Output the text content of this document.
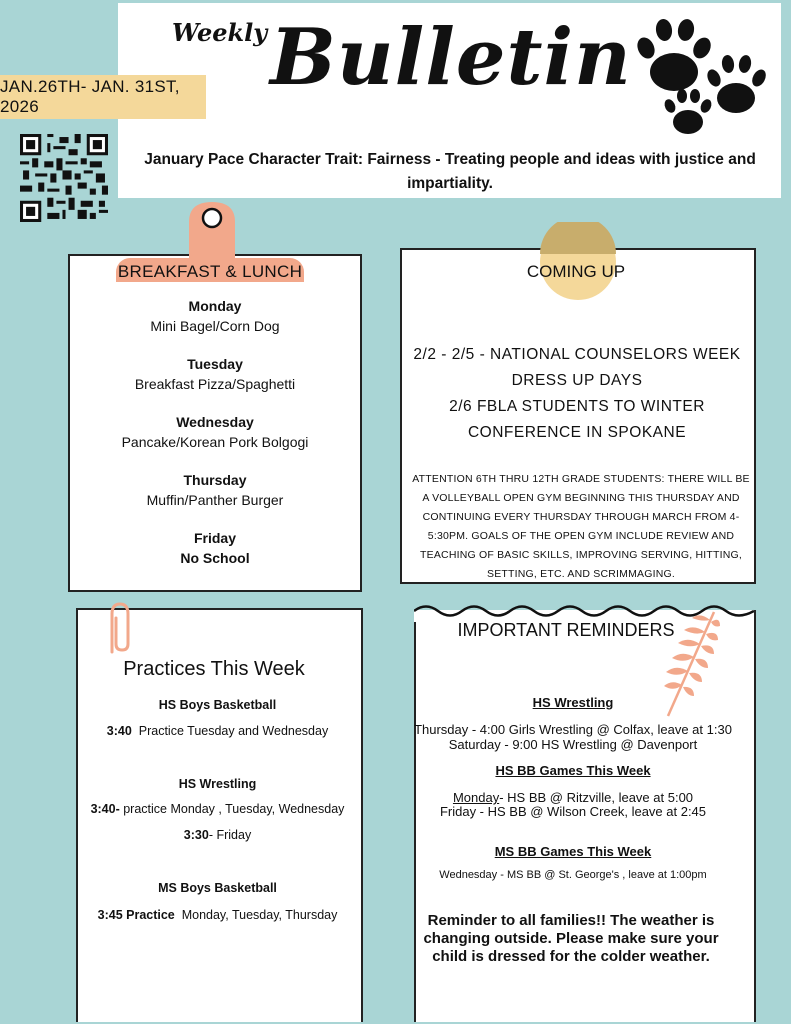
Weekly Bulletin
JAN.26TH- JAN. 31ST, 2026
January Pace Character Trait: Fairness - Treating people and ideas with justice and impartiality.
BREAKFAST & LUNCH
Monday
Mini Bagel/Corn Dog
Tuesday
Breakfast Pizza/Spaghetti
Wednesday
Pancake/Korean Pork Bolgogi
Thursday
Muffin/Panther Burger
Friday
No School
COMING UP
2/2 - 2/5 - NATIONAL COUNSELORS WEEK DRESS UP DAYS
2/6 FBLA STUDENTS TO WINTER CONFERENCE IN SPOKANE
ATTENTION 6TH THRU 12TH GRADE STUDENTS: THERE WILL BE A VOLLEYBALL OPEN GYM BEGINNING THIS THURSDAY AND CONTINUING EVERY THURSDAY THROUGH MARCH FROM 4-5:30PM. GOALS OF THE OPEN GYM INCLUDE REVIEW AND TEACHING OF BASIC SKILLS, IMPROVING SERVING, HITTING, SETTING, ETC. AND SCRIMMAGING.
Practices This Week
HS Boys Basketball
3:40  Practice Tuesday and Wednesday
HS Wrestling
3:40- practice Monday , Tuesday, Wednesday
3:30- Friday
MS Boys Basketball
3:45 Practice  Monday, Tuesday, Thursday
IMPORTANT REMINDERS
HS Wrestling
Thursday - 4:00 Girls Wrestling @ Colfax, leave at 1:30
Saturday - 9:00 HS Wrestling @ Davenport
HS BB Games This Week
Monday- HS BB @ Ritzville, leave at 5:00
Friday - HS BB @ Wilson Creek, leave at 2:45
MS BB Games This Week
Wednesday - MS BB @ St. George's , leave at 1:00pm
Reminder to all families!! The weather is changing outside. Please make sure your child is dressed for the colder weather.
